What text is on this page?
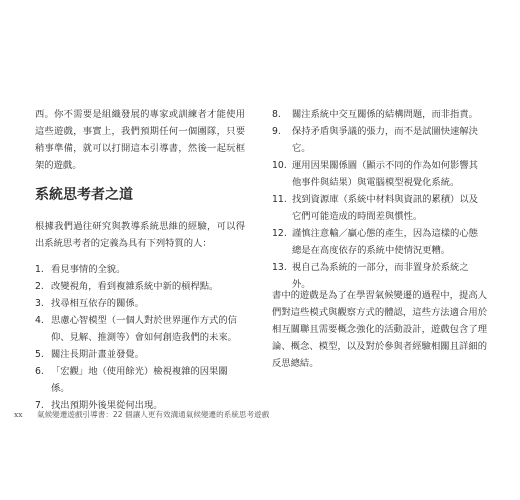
西。你不需要是組織發展的專家或訓練者才能使用這些遊戲，事實上，我們預期任何一個團隊，只要稍事準備，就可以打開這本引導書，然後一起玩框架的遊戲。

系統思考者之道

根據我們過往研究與教導系統思維的經驗，可以得出系統思考者的定義為具有下列特質的人：

1. 看見事情的全貌。
2. 改變視角，看到複雜系統中新的槓桿點。
3. 找尋相互依存的關係。
4. 思慮心智模型（一個人對於世界運作方式的信仰、見解、推測等）會如何創造我們的未來。
5. 關注長期計畫並發覺。
6. 「宏觀」地（使用餘光）檢視複雜的因果關係。
7. 找出預期外後果從何出現。
8. 關注系統中交互關係的結構問題，而非指責。
9. 保持矛盾與爭議的張力，而不是試圖快速解決它。
10. 運用因果關係圖（顯示不同的作為如何影響其他事件與結果）與電腦模型視覺化系統。
11. 找到資源庫（系統中材料與資訊的累積）以及它們可能造成的時間差與慣性。
12. 謹慎注意輸／贏心態的產生，因為這樣的心態總是在高度依存的系統中使情況更糟。
13. 視自己為系統的一部分，而非置身於系統之外。

書中的遊戲是為了在學習氣候變遷的過程中，提高人們對這些模式與觀察方式的體認，這些方法適合用於相互關聯且需要概念強化的活動設計，遊戲包含了理論、概念、模型，以及對於參與者經驗相關且詳細的反思總結。

xx 氣候變遷遊戲引導書：22 個讓人更有效溝通氣候變遷的系統思考遊戲
